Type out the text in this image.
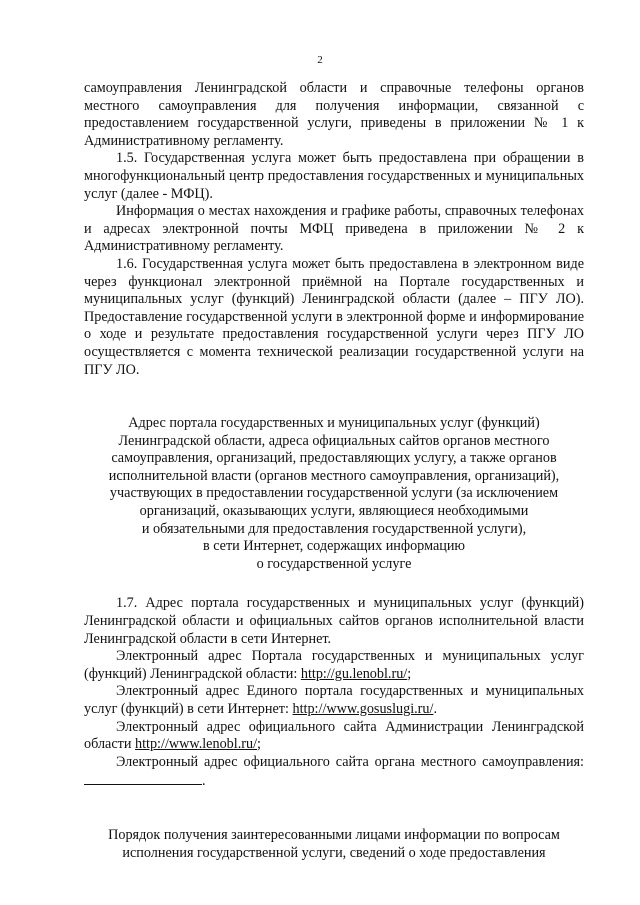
2

самоуправления Ленинградской области и справочные телефоны органов местного самоуправления для получения информации, связанной с предоставлением государственной услуги, приведены в приложении № 1 к Административному регламенту.

1.5. Государственная услуга может быть предоставлена при обращении в многофункциональный центр предоставления государственных и муниципальных услуг (далее - МФЦ).

Информация о местах нахождения и графике работы, справочных телефонах и адресах электронной почты МФЦ приведена в приложении № 2 к Административному регламенту.

1.6. Государственная услуга может быть предоставлена в электронном виде через функционал электронной приёмной на Портале государственных и муниципальных услуг (функций) Ленинградской области (далее – ПГУ ЛО). Предоставление государственной услуги в электронной форме и информирование о ходе и результате предоставления государственной услуги через ПГУ ЛО осуществляется с момента технической реализации государственной услуги на ПГУ ЛО.

Адрес портала государственных и муниципальных услуг (функций)

Ленинградской области, адреса официальных сайтов органов местного

самоуправления, организаций, предоставляющих услугу, а также органов

исполнительной власти (органов местного самоуправления, организаций),

участвующих в предоставлении государственной услуги (за исключением

организаций, оказывающих услуги, являющиеся необходимыми

и обязательными для предоставления государственной услуги),

в сети Интернет, содержащих информацию

о государственной услуге

1.7. Адрес портала государственных и муниципальных услуг (функций) Ленинградской области и официальных сайтов органов исполнительной власти Ленинградской области в сети Интернет.

Электронный адрес Портала государственных и муниципальных услуг (функций) Ленинградской области: http://gu.lenobl.ru/;

Электронный адрес Единого портала государственных и муниципальных услуг (функций) в сети Интернет: http://www.gosuslugi.ru/.

Электронный адрес официального сайта Администрации Ленинградской области http://www.lenobl.ru/;

Электронный адрес официального сайта органа местного самоуправления:.

Порядок получения заинтересованными лицами информации по вопросам

исполнения государственной услуги, сведений о ходе предоставления
